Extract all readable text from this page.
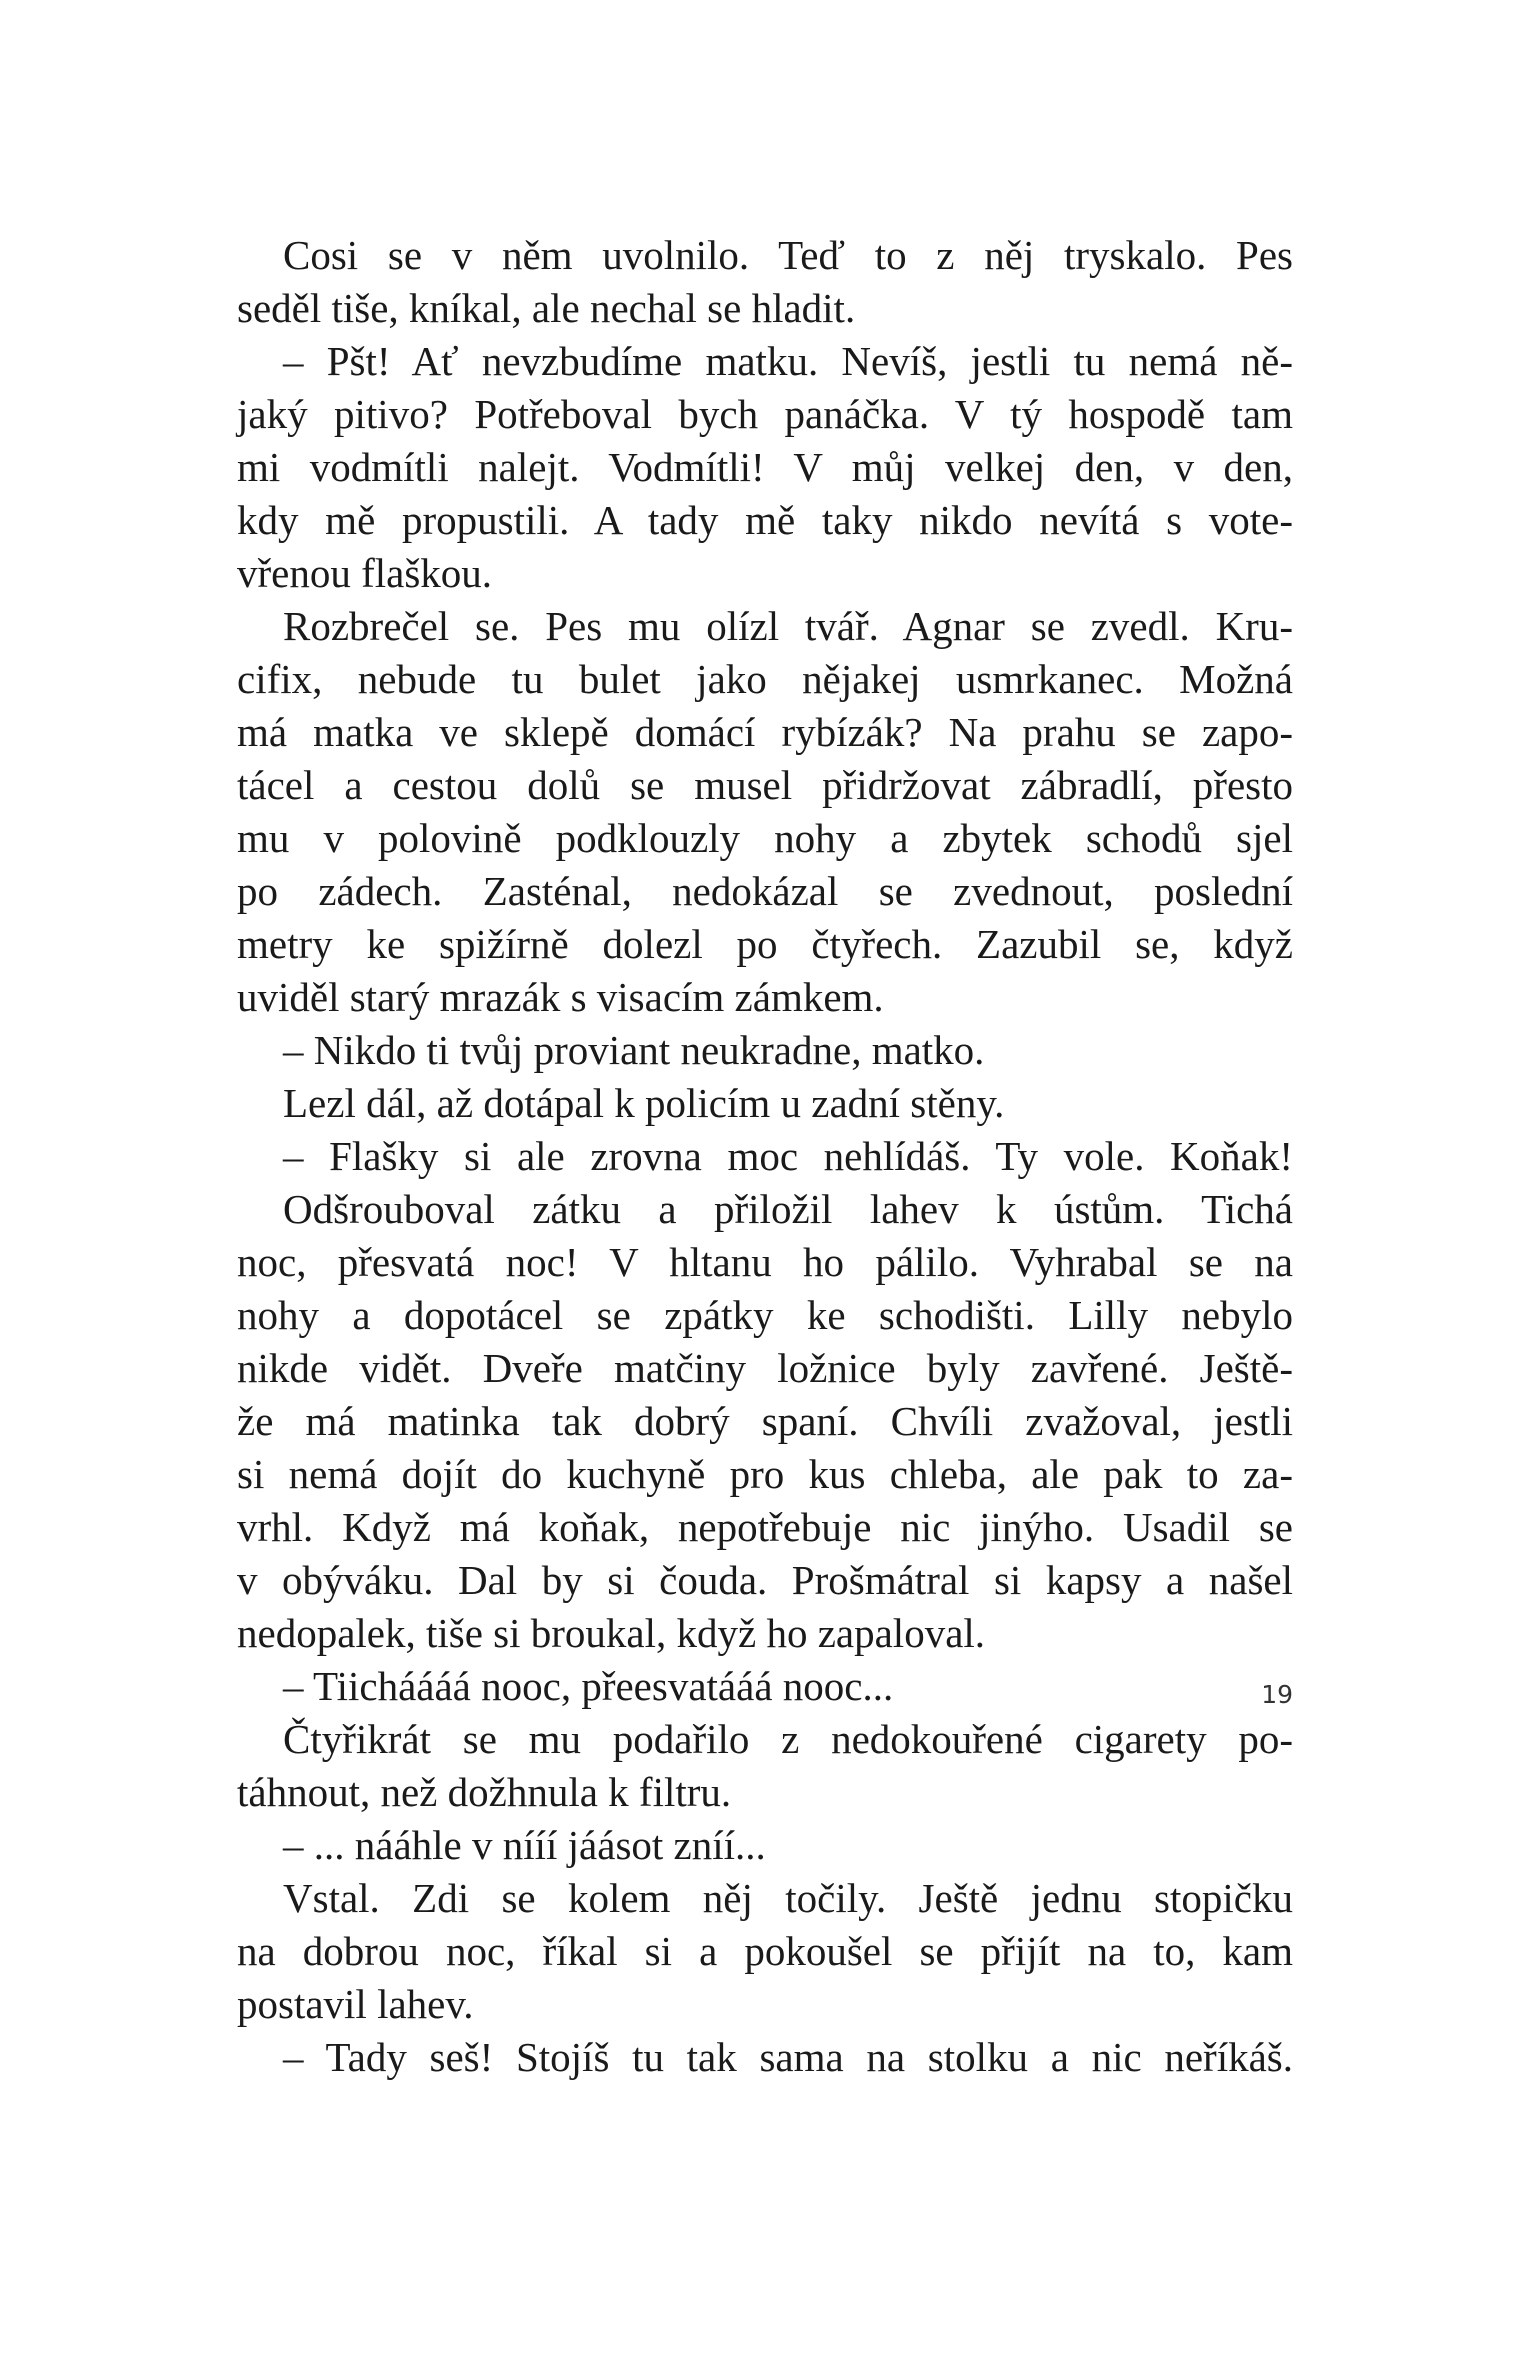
Cosi se v něm uvolnilo. Teď to z něj tryskalo. Pes
seděl tiše, kníkal, ale nechal se hladit.
– Pšt! Ať nevzbudíme matku. Nevíš, jestli tu nemá ně-
jaký pitivo? Potřeboval bych panáčka. V tý hospodě tam
mi vodmítli nalejt. Vodmítli! V můj velkej den, v den,
kdy mě propustili. A tady mě taky nikdo nevítá s vote-
vřenou flaškou.
Rozbrečel se. Pes mu olízl tvář. Agnar se zvedl. Kru-
cifix, nebude tu bulet jako nějakej usmrkanec. Možná
má matka ve sklepě domácí rybízák? Na prahu se zapo-
tácel a cestou dolů se musel přidržovat zábradlí, přesto
mu v polovině podklouzly nohy a zbytek schodů sjel
po zádech. Zasténal, nedokázal se zvednout, poslední
metry ke spižírně dolezl po čtyřech. Zazubil se, když
uviděl starý mrazák s visacím zámkem.
– Nikdo ti tvůj proviant neukradne, matko.
Lezl dál, až dotápal k policím u zadní stěny.
– Flašky si ale zrovna moc nehlídáš. Ty vole. Koňak!
Odšrouboval zátku a přiložil lahev k ústům. Tichá
noc, přesvatá noc! V hltanu ho pálilo. Vyhrabal se na
nohy a dopotácel se zpátky ke schodišti. Lilly nebylo
nikde vidět. Dveře matčiny ložnice byly zavřené. Ještě-
že má matinka tak dobrý spaní. Chvíli zvažoval, jestli
si nemá dojít do kuchyně pro kus chleba, ale pak to za-
vrhl. Když má koňak, nepotřebuje nic jinýho. Usadil se
v obýváku. Dal by si čouda. Prošmátral si kapsy a našel
nedopalek, tiše si broukal, když ho zapaloval.
– Tiicháááá nooc, přeesvatááá nooc...
Čtyřikrát se mu podařilo z nedokouřené cigarety po-
táhnout, než dožhnula k filtru.
– ... nááhle v nííí jáásot zníí...
Vstal. Zdi se kolem něj točily. Ještě jednu stopičku
na dobrou noc, říkal si a pokoušel se přijít na to, kam
postavil lahev.
– Tady seš! Stojíš tu tak sama na stolku a nic neříkáš.
19
